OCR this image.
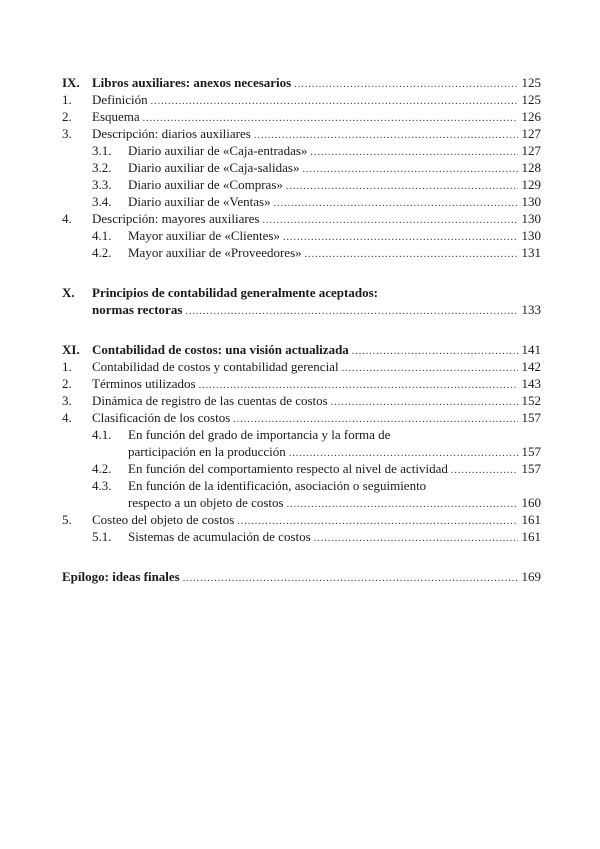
IX. Libros auxiliares: anexos necesarios .....	125
1.	Definición .....	125
2.	Esquema .....	126
3.	Descripción: diarios auxiliares .....	127
3.1.	Diario auxiliar de «Caja-entradas» .....	127
3.2.	Diario auxiliar de «Caja-salidas» .....	128
3.3.	Diario auxiliar de «Compras» .....	129
3.4.	Diario auxiliar de «Ventas» .....	130
4.	Descripción: mayores auxiliares .....	130
4.1.	Mayor auxiliar de «Clientes» .....	130
4.2.	Mayor auxiliar de «Proveedores» .....	131
X.	Principios de contabilidad generalmente aceptados:
normas rectoras .....	133
XI. Contabilidad de costos: una visión actualizada .....	141
1.	Contabilidad de costos y contabilidad gerencial .....	142
2.	Términos utilizados .....	143
3.	Dinámica de registro de las cuentas de costos .....	152
4.	Clasificación de los costos .....	157
4.1.	En función del grado de importancia y la forma de
participación en la producción .....	157
4.2.	En función del comportamiento respecto al nivel de actividad .....	157
4.3.	En función de la identificación, asociación o seguimiento
respecto a un objeto de costos .....	160
5.	Costeo del objeto de costos .....	161
5.1.	Sistemas de acumulación de costos .....	161
Epílogo: ideas finales .....	169
